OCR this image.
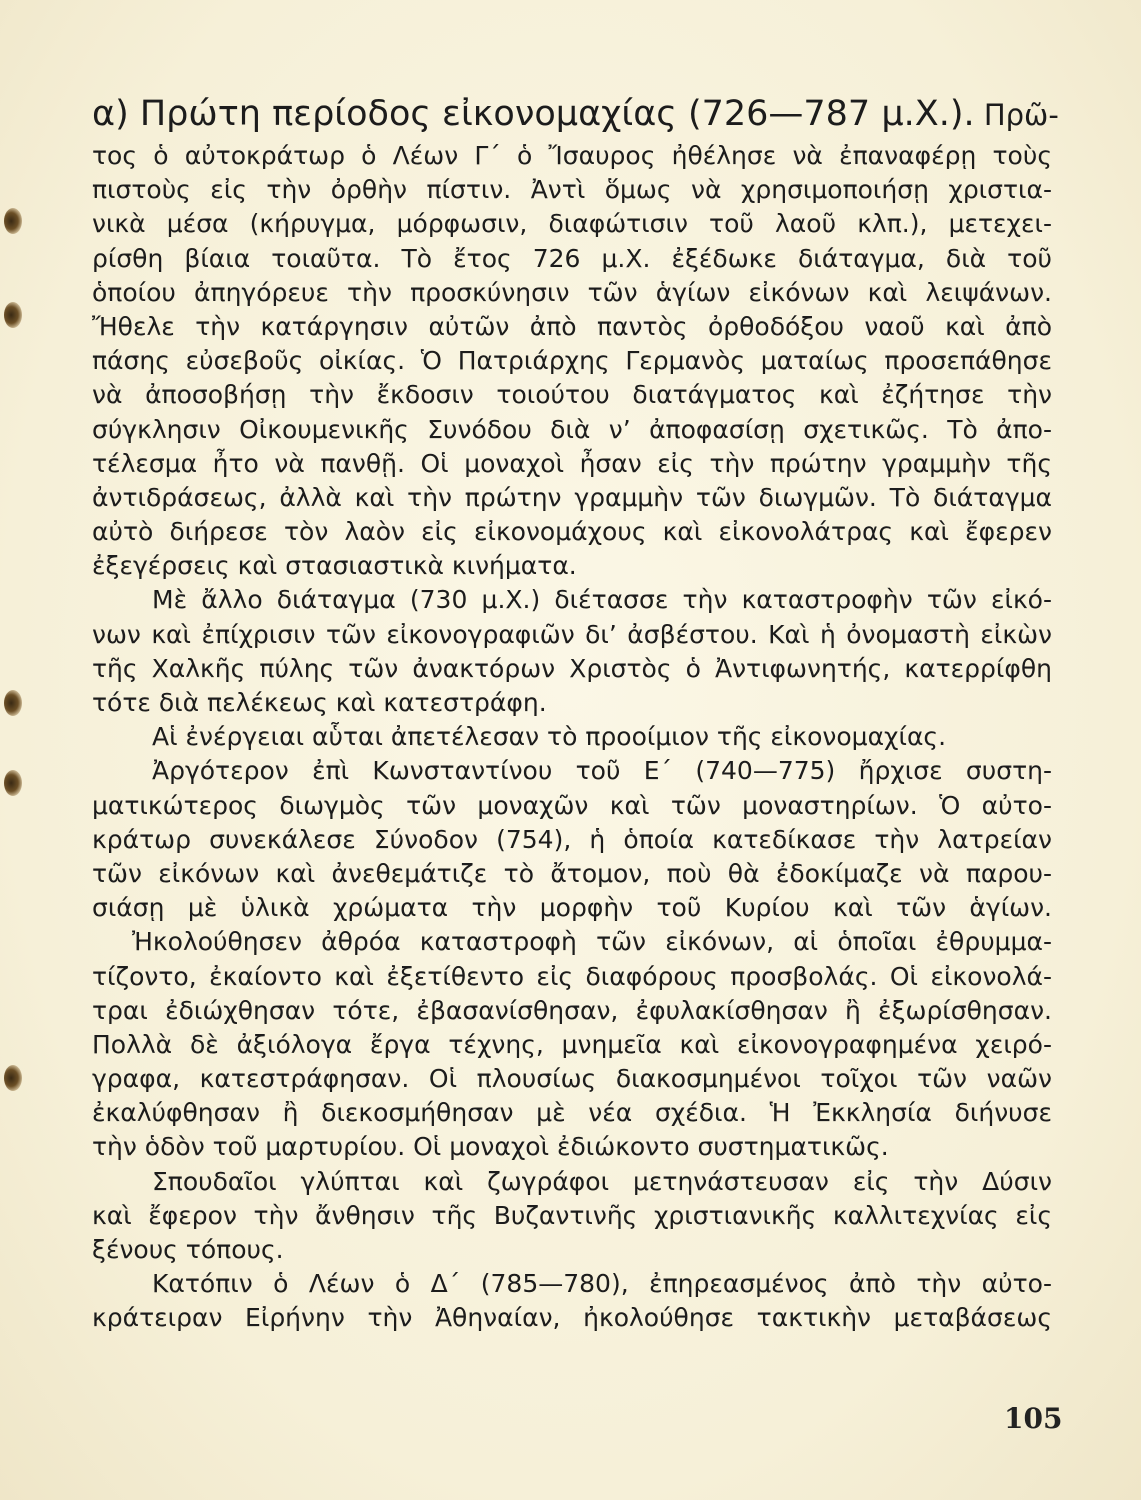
α) Πρώτη περίοδος εἰκονομαχίας (726—787 μ.Χ.). Πρῶ-
τος ὁ αὐτοκράτωρ ὁ Λέων Γ΄ ὁ Ἴσαυρος ἠθέλησε νὰ ἐπαναφέρῃ τοὺς
πιστοὺς εἰς τὴν ὀρθὴν πίστιν. Ἀντὶ ὅμως νὰ χρησιμοποιήσῃ χριστια-
νικὰ μέσα (κήρυγμα, μόρφωσιν, διαφώτισιν τοῦ λαοῦ κλπ.), μετεχει-
ρίσθη βίαια τοιαῦτα. Τὸ ἔτος 726 μ.Χ. ἐξέδωκε διάταγμα, διὰ τοῦ
ὁποίου ἀπηγόρευε τὴν προσκύνησιν τῶν ἁγίων εἰκόνων καὶ λειψάνων.
Ἤθελε τὴν κατάργησιν αὐτῶν ἀπὸ παντὸς ὀρθοδόξου ναοῦ καὶ ἀπὸ
πάσης εὐσεβοῦς οἰκίας. Ὁ Πατριάρχης Γερμανὸς ματαίως προσεπάθησε
νὰ ἀποσοβήσῃ τὴν ἔκδοσιν τοιούτου διατάγματος καὶ ἐζήτησε τὴν
σύγκλησιν Οἰκουμενικῆς Συνόδου διὰ ν’ ἀποφασίσῃ σχετικῶς. Τὸ ἀπο-
τέλεσμα ἦτο νὰ πανθῇ. Οἱ μοναχοὶ ἦσαν εἰς τὴν πρώτην γραμμὴν τῆς
ἀντιδράσεως, ἀλλὰ καὶ τὴν πρώτην γραμμὴν τῶν διωγμῶν. Τὸ διάταγμα
αὐτὸ διήρεσε τὸν λαὸν εἰς εἰκονομάχους καὶ εἰκονολάτρας καὶ ἔφερεν
ἐξεγέρσεις καὶ στασιαστικὰ κινήματα.
Μὲ ἄλλο διάταγμα (730 μ.Χ.) διέτασσε τὴν καταστροφὴν τῶν εἰκό-
νων καὶ ἐπίχρισιν τῶν εἰκονογραφιῶν δι’ ἀσβέστου. Καὶ ἡ ὀνομαστὴ εἰκὼν
τῆς Χαλκῆς πύλης τῶν ἀνακτόρων Χριστὸς ὁ Ἀντιφωνητής, κατερρίφθη
τότε διὰ πελέκεως καὶ κατεστράφη.
Αἱ ἐνέργειαι αὗται ἀπετέλεσαν τὸ προοίμιον τῆς εἰκονομαχίας.
Ἀργότερον ἐπὶ Κωνσταντίνου τοῦ Ε΄ (740—775) ἤρχισε συστη-
ματικώτερος διωγμὸς τῶν μοναχῶν καὶ τῶν μοναστηρίων. Ὁ αὐτο-
κράτωρ συνεκάλεσε Σύνοδον (754), ἡ ὁποία κατεδίκασε τὴν λατρείαν
τῶν εἰκόνων καὶ ἀνεθεμάτιζε τὸ ἄτομον, ποὺ θὰ ἐδοκίμαζε νὰ παρου-
σιάσῃ μὲ ὑλικὰ χρώματα τὴν μορφὴν τοῦ Κυρίου καὶ τῶν ἁγίων.
Ἠκολούθησεν ἀθρόα καταστροφὴ τῶν εἰκόνων, αἱ ὁποῖαι ἐθρυμμα-
τίζοντο, ἐκαίοντο καὶ ἐξετίθεντο εἰς διαφόρους προσβολάς. Οἱ εἰκονολά-
τραι ἐδιώχθησαν τότε, ἐβασανίσθησαν, ἐφυλακίσθησαν ἢ ἐξωρίσθησαν.
Πολλὰ δὲ ἀξιόλογα ἔργα τέχνης, μνημεῖα καὶ εἰκονογραφημένα χειρό-
γραφα, κατεστράφησαν. Οἱ πλουσίως διακοσμημένοι τοῖχοι τῶν ναῶν
ἐκαλύφθησαν ἢ διεκοσμήθησαν μὲ νέα σχέδια. Ἡ Ἐκκλησία διήνυσε
τὴν ὁδὸν τοῦ μαρτυρίου. Οἱ μοναχοὶ ἐδιώκοντο συστηματικῶς.
Σπουδαῖοι γλύπται καὶ ζωγράφοι μετηνάστευσαν εἰς τὴν Δύσιν
καὶ ἔφερον τὴν ἄνθησιν τῆς Βυζαντινῆς χριστιανικῆς καλλιτεχνίας εἰς
ξένους τόπους.
Κατόπιν ὁ Λέων ὁ Δ΄ (785—780), ἐπηρεασμένος ἀπὸ τὴν αὐτο-
κράτειραν Εἰρήνην τὴν Ἀθηναίαν, ἠκολούθησε τακτικὴν μεταβάσεως
105
